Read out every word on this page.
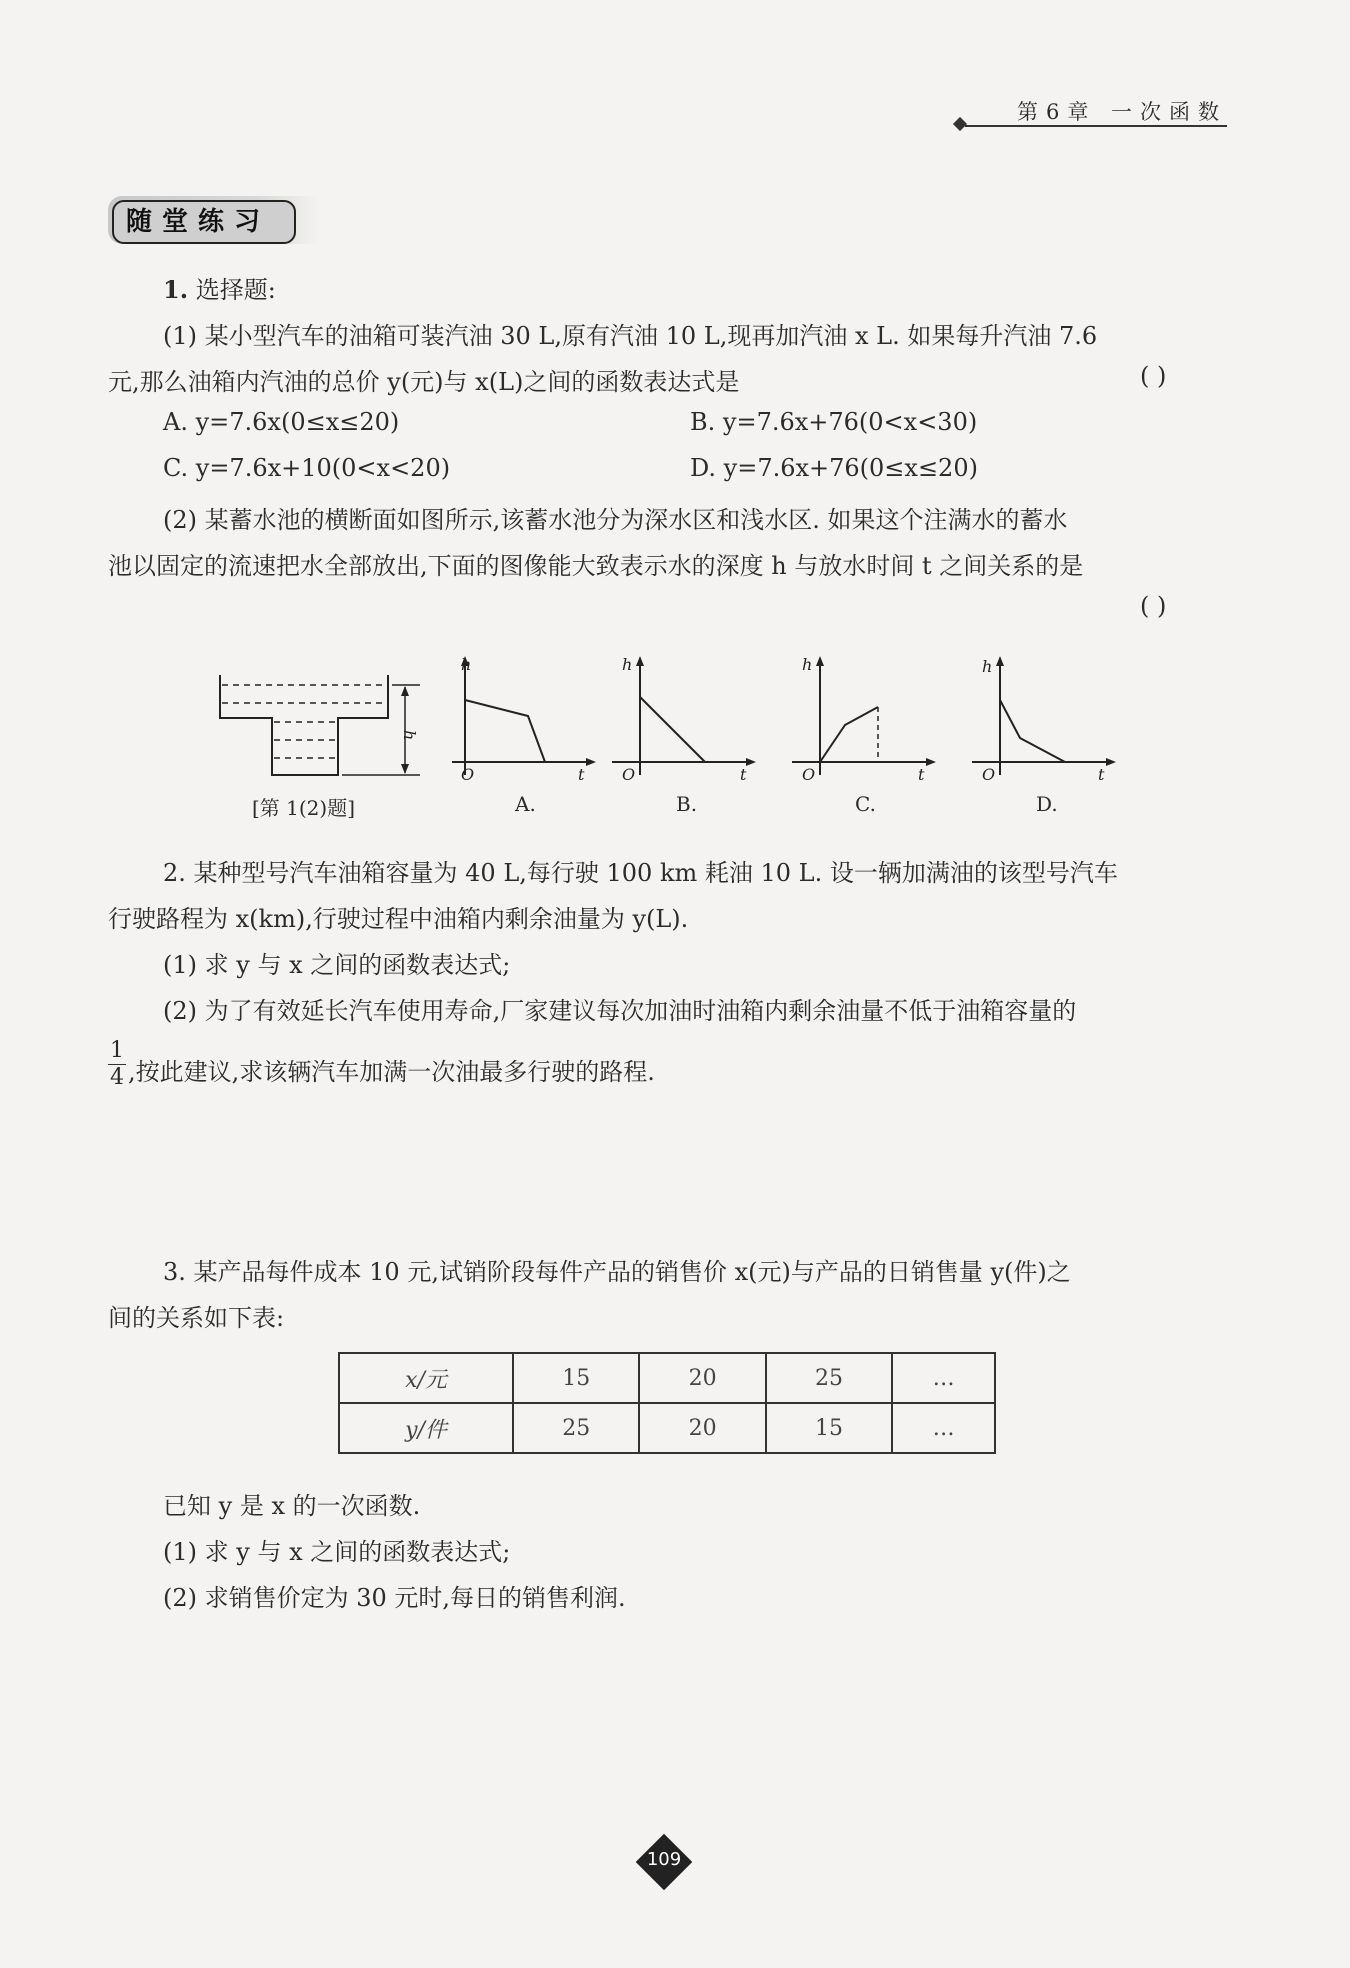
第6章 一次函数
随堂练习
1. 选择题:
(1) 某小型汽车的油箱可装汽油 30 L,原有汽油 10 L,现再加汽油 x L. 如果每升汽油 7.6
元,那么油箱内汽油的总价 y(元)与 x(L)之间的函数表达式是	( )
A. y=7.6x(0≤x≤20)	B. y=7.6x+76(0<x<30)
C. y=7.6x+10(0<x<20)	D. y=7.6x+76(0≤x≤20)
(2) 某蓄水池的横断面如图所示,该蓄水池分为深水区和浅水区. 如果这个注满水的蓄水
池以固定的流速把水全部放出,下面的图像能大致表示水的深度 h 与放水时间 t 之间关系的是
( )
h
h
O	t
h
O	t
h
O	t
h
O	t
[第 1(2)题]	A.	B.	C.	D.
2. 某种型号汽车油箱容量为 40 L,每行驶 100 km 耗油 10 L. 设一辆加满油的该型号汽车
行驶路程为 x(km),行驶过程中油箱内剩余油量为 y(L).
(1) 求 y 与 x 之间的函数表达式;
(2) 为了有效延长汽车使用寿命,厂家建议每次加油时油箱内剩余油量不低于油箱容量的
1
4 ,按此建议,求该辆汽车加满一次油最多行驶的路程.
3. 某产品每件成本 10 元,试销阶段每件产品的销售价 x(元)与产品的日销售量 y(件)之
间的关系如下表:
x/元	15	20	25	…
y/件	25	20	15	…
已知 y 是 x 的一次函数.
(1) 求 y 与 x 之间的函数表达式;
(2) 求销售价定为 30 元时,每日的销售利润.
109
